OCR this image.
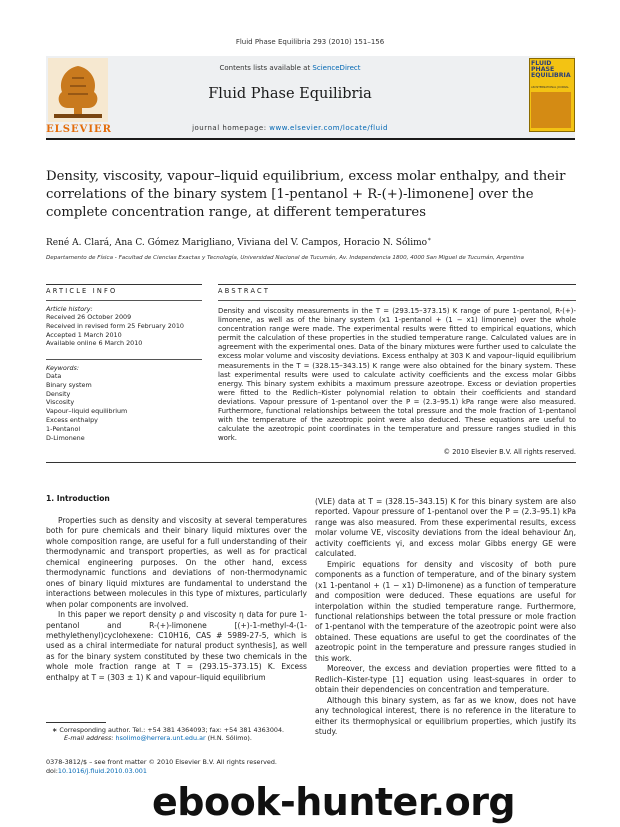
Fluid Phase Equilibria 293 (2010) 151–156
ELSEVIER
Contents lists available at ScienceDirect
Fluid Phase Equilibria
journal homepage: www.elsevier.com/locate/fluid
FLUID PHASE EQUILIBRIA
AN INTERNATIONAL JOURNAL
Density, viscosity, vapour–liquid equilibrium, excess molar enthalpy, and their correlations of the binary system [1-pentanol + R-(+)-limonene] over the complete concentration range, at different temperatures
René A. Clará, Ana C. Gómez Marigliano, Viviana del V. Campos, Horacio N. Sólimo∗
Departamento de Física - Facultad de Ciencias Exactas y Tecnología, Universidad Nacional de Tucumán, Av. Independencia 1800, 4000 San Miguel de Tucumán, Argentina
ARTICLE INFO
Article history:
Received 26 October 2009
Received in revised form 25 February 2010
Accepted 1 March 2010
Available online 6 March 2010
Keywords:
Data
Binary system
Density
Viscosity
Vapour–liquid equilibrium
Excess enthalpy
1-Pentanol
D-Limonene
ABSTRACT
Density and viscosity measurements in the T = (293.15–373.15) K range of pure 1-pentanol, R-(+)-limonene, as well as of the binary system (x1 1-pentanol + (1 − x1) limonene) over the whole concentration range were made. The experimental results were fitted to empirical equations, which permit the calculation of these properties in the studied temperature range. Calculated values are in agreement with the experimental ones. Data of the binary mixtures were further used to calculate the excess molar volume and viscosity deviations. Excess enthalpy at 303 K and vapour–liquid equilibrium measurements in the T = (328.15–343.15) K range were also obtained for the binary system. These last experimental results were used to calculate activity coefficients and the excess molar Gibbs energy. This binary system exhibits a maximum pressure azeotrope. Excess or deviation properties were fitted to the Redlich–Kister polynomial relation to obtain their coefficients and standard deviations. Vapour pressure of 1-pentanol over the P = (2.3–95.1) kPa range were also measured. Furthermore, functional relationships between the total pressure and the mole fraction of 1-pentanol with the temperature of the azeotropic point were also deduced. These equations are useful to calculate the azeotropic point coordinates in the temperature and pressure ranges studied in this work.
© 2010 Elsevier B.V. All rights reserved.
1. Introduction

Properties such as density and viscosity at several temperatures both for pure chemicals and their binary liquid mixtures over the whole composition range, are useful for a full understanding of their thermodynamic and transport properties, as well as for practical chemical engineering purposes. On the other hand, excess thermodynamic functions and deviations of non-thermodynamic ones of binary liquid mixtures are fundamental to understand the interactions between molecules in this type of mixtures, particularly when polar components are involved.

In this paper we report density ρ and viscosity η data for pure 1-pentanol and R-(+)-limonene [(+)-1-methyl-4-(1-methylethenyl)cyclohexene: C10H16, CAS # 5989-27-5, which is used as a chiral intermediate for natural product synthesis], as well as for the binary system constituted by these two chemicals in the whole mole fraction range at T = (293.15–373.15) K. Excess enthalpy at T = (303 ± 1) K and vapour–liquid equilibrium

(VLE) data at T = (328.15–343.15) K for this binary system are also reported. Vapour pressure of 1-pentanol over the P = (2.3–95.1) kPa range was also measured. From these experimental results, excess molar volume VE, viscosity deviations from the ideal behaviour Δη, activity coefficients γi, and excess molar Gibbs energy GE were calculated.

Empiric equations for density and viscosity of both pure components as a function of temperature, and of the binary system (x1 1-pentanol + (1 − x1) D-limonene) as a function of temperature and composition were deduced. These equations are useful for interpolation within the studied temperature range. Furthermore, functional relationships between the total pressure or mole fraction of 1-pentanol with the temperature of the azeotropic point were also obtained. These equations are useful to get the coordinates of the azeotropic point in the temperature and pressure ranges studied in this work.

Moreover, the excess and deviation properties were fitted to a Redlich–Kister-type [1] equation using least-squares in order to obtain their dependencies on concentration and temperature.

Although this binary system, as far as we know, does not have any technological interest, there is no reference in the literature to either its thermophysical or equilibrium properties, which justify its study.

∗ Corresponding author. Tel.: +54 381 4364093; fax: +54 381 4363004.
E-mail address: hsolimo@herrera.unt.edu.ar (H.N. Sólimo).
0378-3812/$ – see front matter © 2010 Elsevier B.V. All rights reserved.
doi:10.1016/j.fluid.2010.03.001
ebook-hunter.org
